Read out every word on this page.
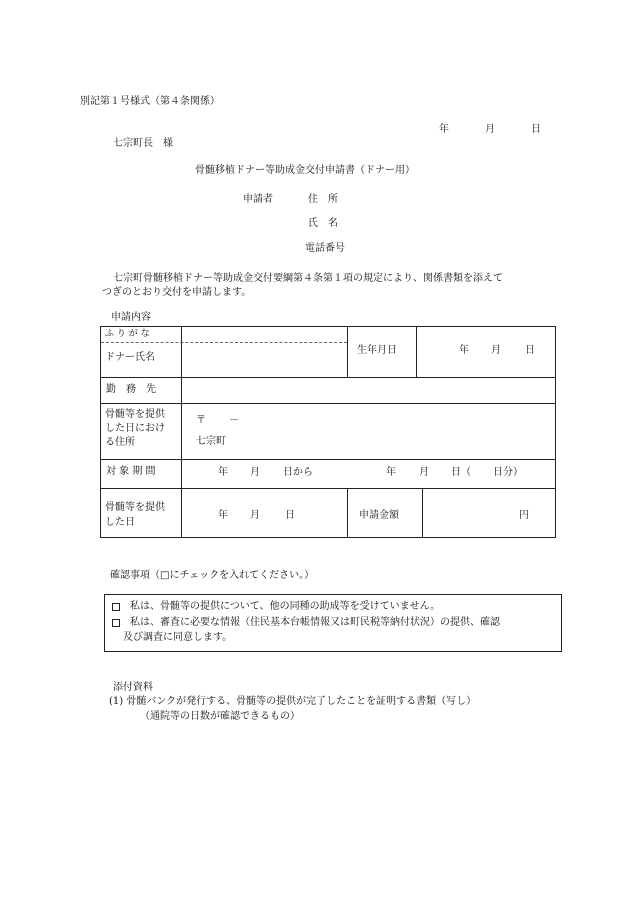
別記第１号様式（第４条関係）
年	月	日
七宗町長　様
骨髄移植ドナー等助成金交付申請書（ドナー用）
申請者	住　所
氏　名
電話番号
七宗町骨髄移植ドナー等助成金交付要綱第４条第１項の規定により、関係書類を添えて
つぎのとおり交付を申請します。
申請内容
ふ り が な
ドナー氏名
生年月日	年 月 日
勤　務　先
骨髄等を提供
した日におけ
る住所
〒 －
七宗町
対 象 期 間	年 月 日から	年 月 日（ 日分）
骨髄等を提供
した日
年 月	日	申請金額	円
確認事項（□にチェックを入れてください。）
私は、骨髄等の提供について、他の同種の助成等を受けていません。
私は、審査に必要な情報（住民基本台帳情報又は町民税等納付状況）の提供、確認
及び調査に同意します。
添付資料
(1) 骨髄バンクが発行する、骨髄等の提供が完了したことを証明する書類（写し）
（通院等の日数が確認できるもの）
